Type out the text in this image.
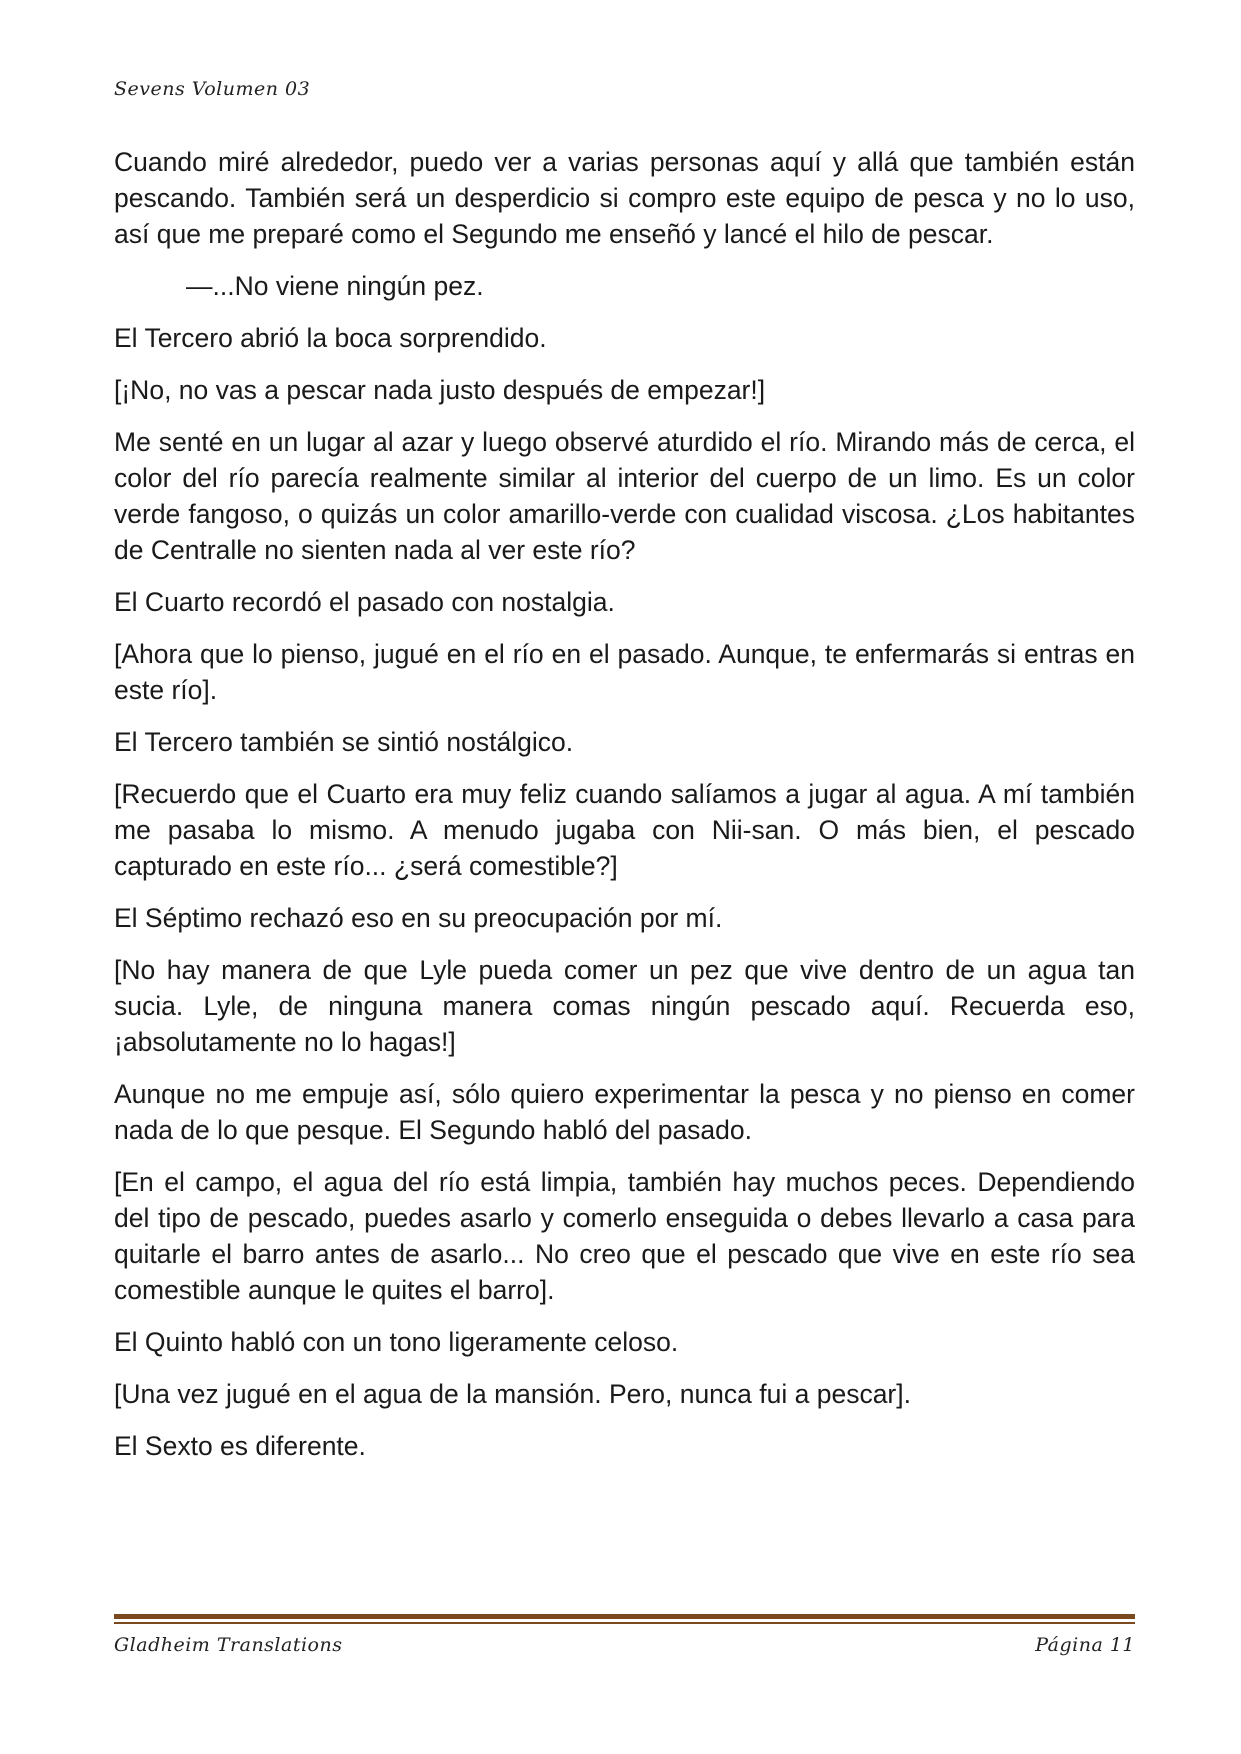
Sevens Volumen 03

Cuando miré alrededor, puedo ver a varias personas aquí y allá que también están pescando. También será un desperdicio si compro este equipo de pesca y no lo uso, así que me preparé como el Segundo me enseñó y lancé el hilo de pescar.

—...No viene ningún pez.

El Tercero abrió la boca sorprendido.

[¡No, no vas a pescar nada justo después de empezar!]

Me senté en un lugar al azar y luego observé aturdido el río. Mirando más de cerca, el color del río parecía realmente similar al interior del cuerpo de un limo. Es un color verde fangoso, o quizás un color amarillo-verde con cualidad viscosa. ¿Los habitantes de Centralle no sienten nada al ver este río?

El Cuarto recordó el pasado con nostalgia.

[Ahora que lo pienso, jugué en el río en el pasado. Aunque, te enfermarás si entras en este río].

El Tercero también se sintió nostálgico.

[Recuerdo que el Cuarto era muy feliz cuando salíamos a jugar al agua. A mí también me pasaba lo mismo. A menudo jugaba con Nii-san. O más bien, el pescado capturado en este río... ¿será comestible?]

El Séptimo rechazó eso en su preocupación por mí.

[No hay manera de que Lyle pueda comer un pez que vive dentro de un agua tan sucia. Lyle, de ninguna manera comas ningún pescado aquí. Recuerda eso, ¡absolutamente no lo hagas!]

Aunque no me empuje así, sólo quiero experimentar la pesca y no pienso en comer nada de lo que pesque. El Segundo habló del pasado.

[En el campo, el agua del río está limpia, también hay muchos peces. Dependiendo del tipo de pescado, puedes asarlo y comerlo enseguida o debes llevarlo a casa para quitarle el barro antes de asarlo... No creo que el pescado que vive en este río sea comestible aunque le quites el barro].

El Quinto habló con un tono ligeramente celoso.

[Una vez jugué en el agua de la mansión. Pero, nunca fui a pescar].

El Sexto es diferente.

Gladheim Translations	Página 11
